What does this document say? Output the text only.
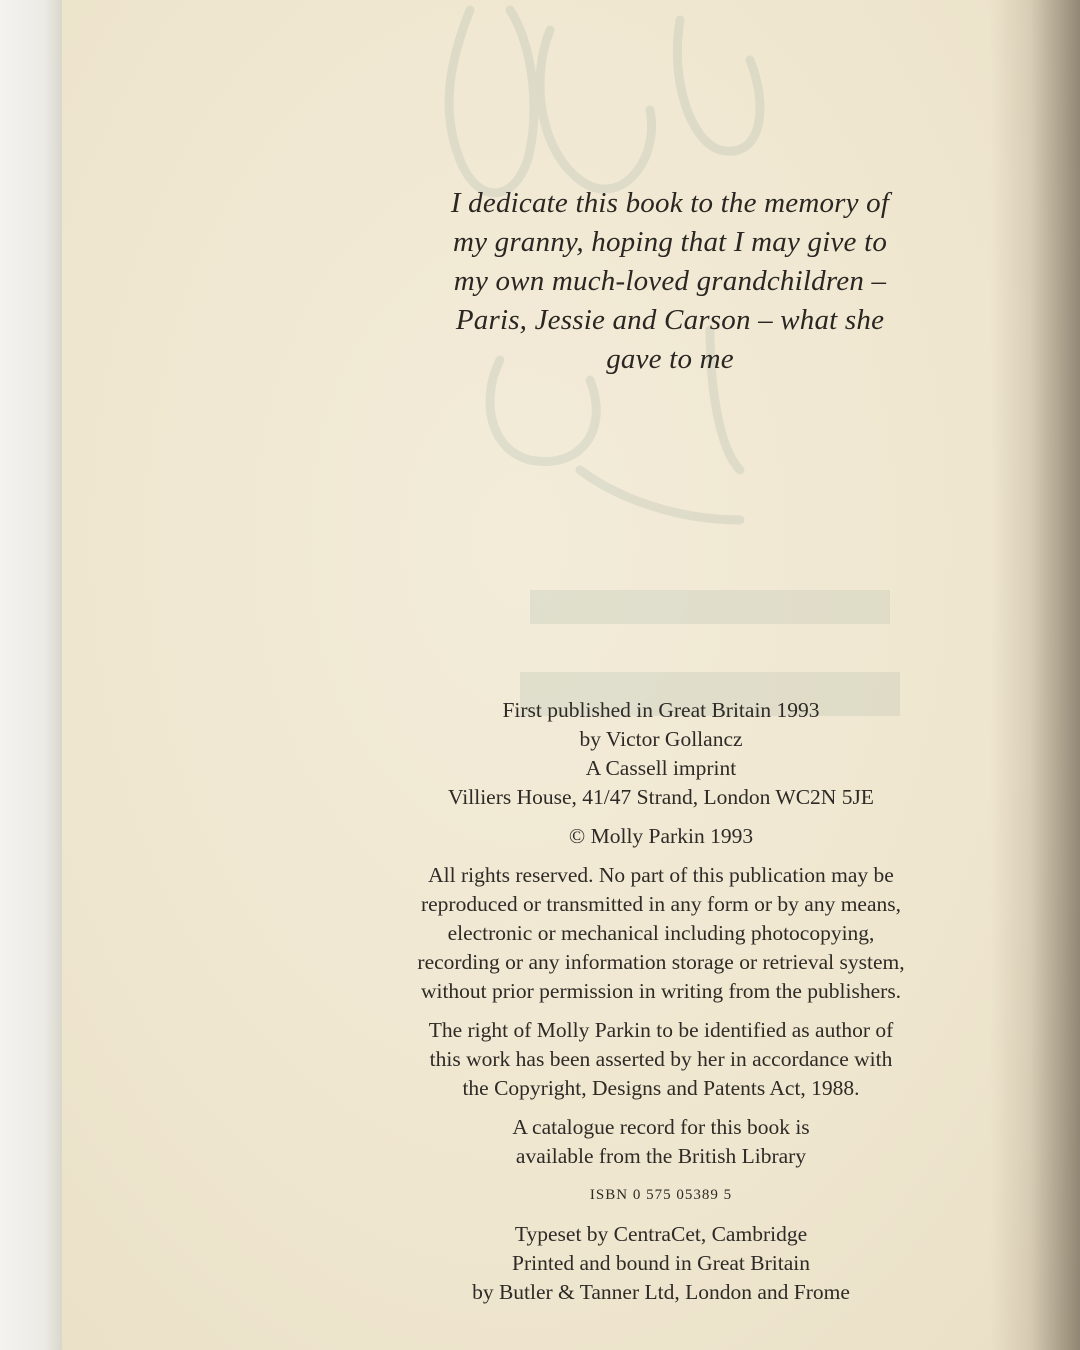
I dedicate this book to the memory of
my granny, hoping that I may give to
my own much-loved grandchildren –
Paris, Jessie and Carson – what she
gave to me
First published in Great Britain 1993
by Victor Gollancz
A Cassell imprint
Villiers House, 41/47 Strand, London WC2N 5JE
© Molly Parkin 1993
All rights reserved. No part of this publication may be
reproduced or transmitted in any form or by any means,
electronic or mechanical including photocopying,
recording or any information storage or retrieval system,
without prior permission in writing from the publishers.
The right of Molly Parkin to be identified as author of
this work has been asserted by her in accordance with
the Copyright, Designs and Patents Act, 1988.
A catalogue record for this book is
available from the British Library
ISBN 0 575 05389 5
Typeset by CentraCet, Cambridge
Printed and bound in Great Britain
by Butler & Tanner Ltd, London and Frome
